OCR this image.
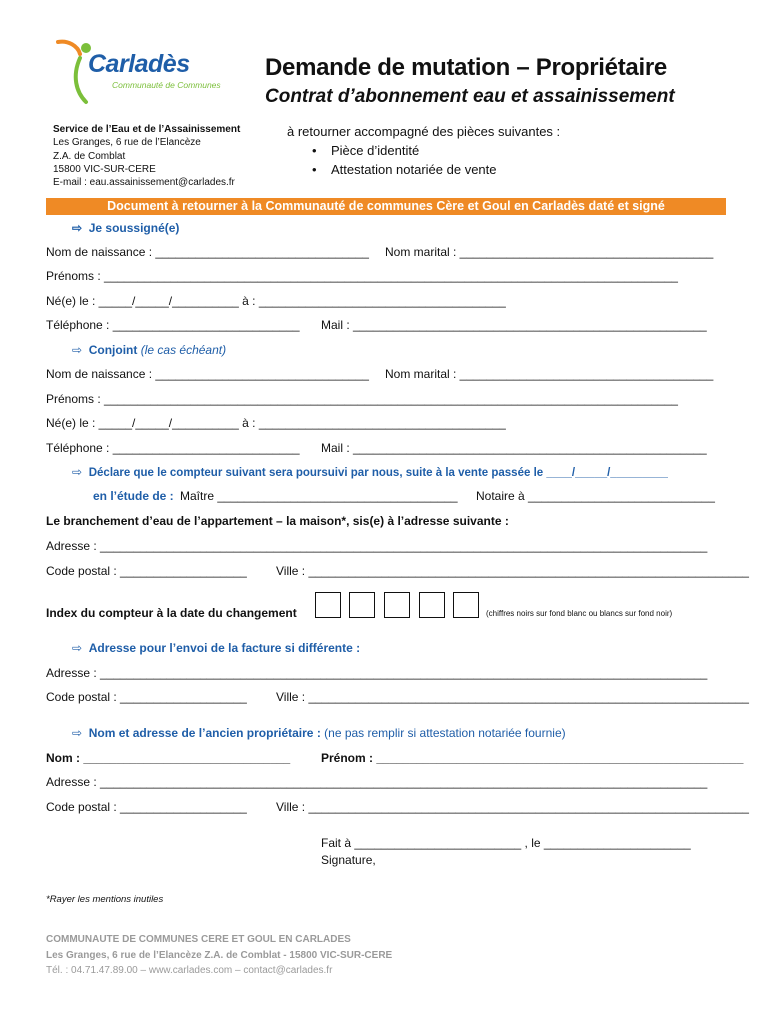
Carladès
Communauté de Communes
Demande de mutation – Propriétaire
Contrat d’abonnement eau et assainissement
Service de l’Eau et de l’Assainissement
Les Granges, 6 rue de l’Elancèze
Z.A. de Comblat
15800 VIC-SUR-CERE
E-mail : eau.assainissement@carlades.fr
à retourner accompagné des pièces suivantes :
•    Pièce d’identité
•    Attestation notariée de vente
Document à retourner à la Communauté de communes Cère et Goul en Carladès daté et signé
⇨ Je soussigné(e)
Nom de naissance : ________________________________ Nom marital : ______________________________________
Prénoms : ______________________________________________________________________________________
Né(e) le : _____/_____/__________ à : _____________________________________
Téléphone : ____________________________ Mail : _____________________________________________________
⇨ Conjoint (le cas échéant)
Nom de naissance : ________________________________ Nom marital : ______________________________________
Prénoms : ______________________________________________________________________________________
Né(e) le : _____/_____/__________ à : _____________________________________
Téléphone : ____________________________ Mail : _____________________________________________________
⇨ Déclare que le compteur suivant sera poursuivi par nous, suite à la vente passée le ____/_____/_________
en l’étude de : Maître ____________________________________ Notaire à ____________________________
Le branchement d’eau de l’appartement – la maison*, sis(e) à l’adresse suivante :
Adresse : ___________________________________________________________________________________________
Code postal : ___________________ Ville : __________________________________________________________________
Index du compteur à la date du changement	(chiffres noirs sur fond blanc ou blancs sur fond noir)
⇨ Adresse pour l’envoi de la facture si différente :
Adresse : ___________________________________________________________________________________________
Code postal : ___________________ Ville : __________________________________________________________________
⇨ Nom et adresse de l’ancien propriétaire : (ne pas remplir si attestation notariée fournie)
Nom : _______________________________	Prénom : _______________________________________________________
Adresse : ___________________________________________________________________________________________
Code postal : ___________________ Ville : __________________________________________________________________
Fait à _________________________ , le ______________________
Signature,
*Rayer les mentions inutiles
COMMUNAUTE DE COMMUNES CERE ET GOUL EN CARLADES
Les Granges, 6 rue de l’Elancèze Z.A. de Comblat - 15800 VIC-SUR-CERE
Tél. : 04.71.47.89.00 – www.carlades.com – contact@carlades.fr
